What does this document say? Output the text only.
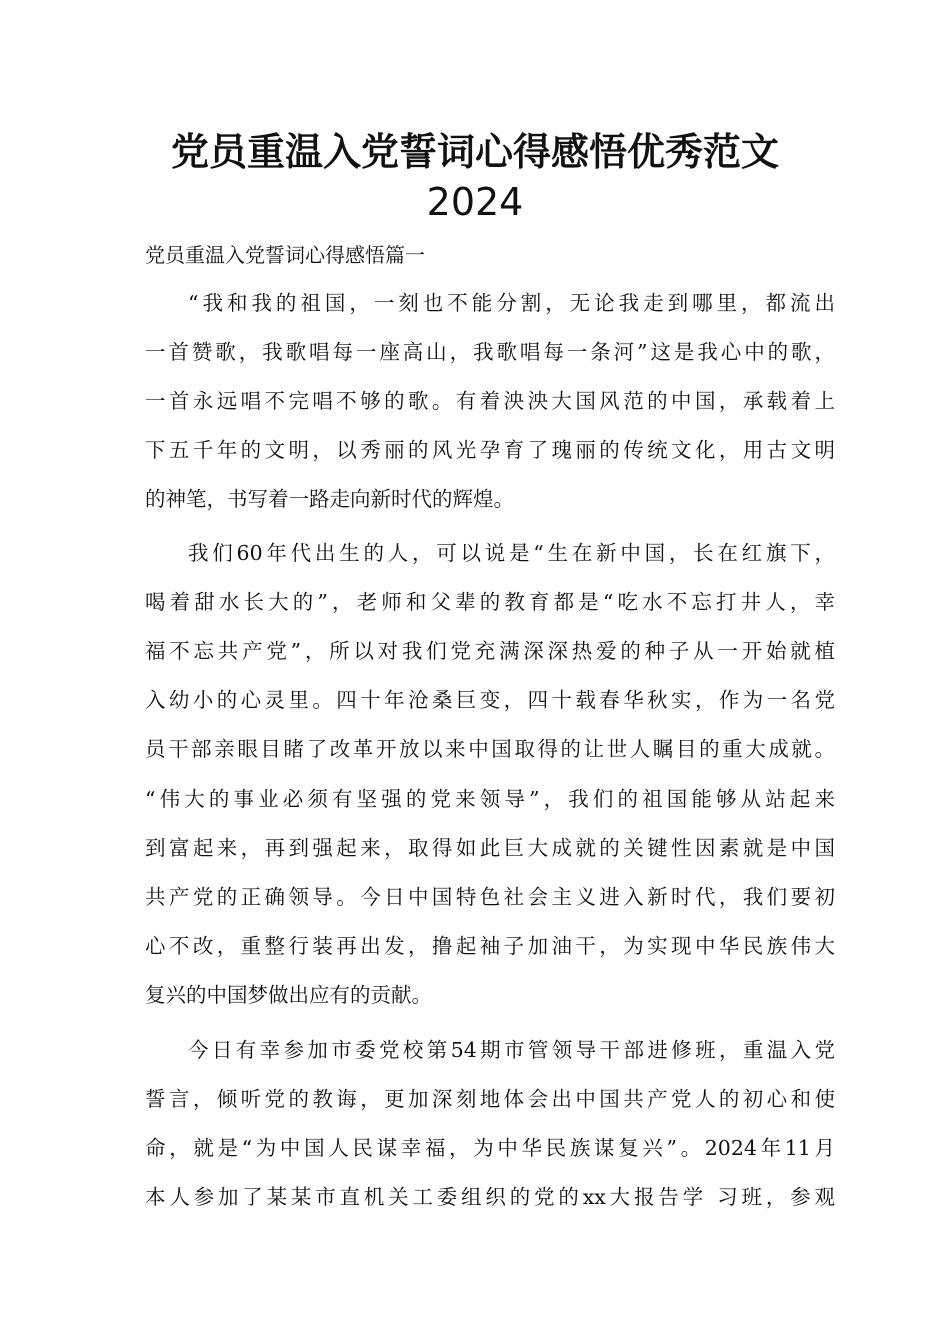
党员重温入党誓词心得感悟优秀范文
2024
党员重温入党誓词心得感悟篇一

“我和我的祖国，一刻也不能分割，无论我走到哪里，都流出

一首赞歌，我歌唱每一座高山，我歌唱每一条河”这是我心中的歌，

一首永远唱不完唱不够的歌。有着泱泱大国风范的中国，承载着上

下五千年的文明，以秀丽的风光孕育了瑰丽的传统文化，用古文明

的神笔，书写着一路走向新时代的辉煌。

我们60年代出生的人，可以说是“生在新中国，长在红旗下，

喝着甜水长大的”，老师和父辈的教育都是“吃水不忘打井人，幸

福不忘共产党”，所以对我们党充满深深热爱的种子从一开始就植

入幼小的心灵里。四十年沧桑巨变，四十载春华秋实，作为一名党

员干部亲眼目睹了改革开放以来中国取得的让世人瞩目的重大成就。

“伟大的事业必须有坚强的党来领导”，我们的祖国能够从站起来

到富起来，再到强起来，取得如此巨大成就的关键性因素就是中国

共产党的正确领导。今日中国特色社会主义进入新时代，我们要初

心不改，重整行装再出发，撸起袖子加油干，为实现中华民族伟大

复兴的中国梦做出应有的贡献。

今日有幸参加市委党校第54期市管领导干部进修班，重温入党

誓言，倾听党的教诲，更加深刻地体会出中国共产党人的初心和使

命，就是“为中国人民谋幸福，为中华民族谋复兴”。2024年11月

本人参加了某某市直机关工委组织的党的xx大报告学 习班，参观
